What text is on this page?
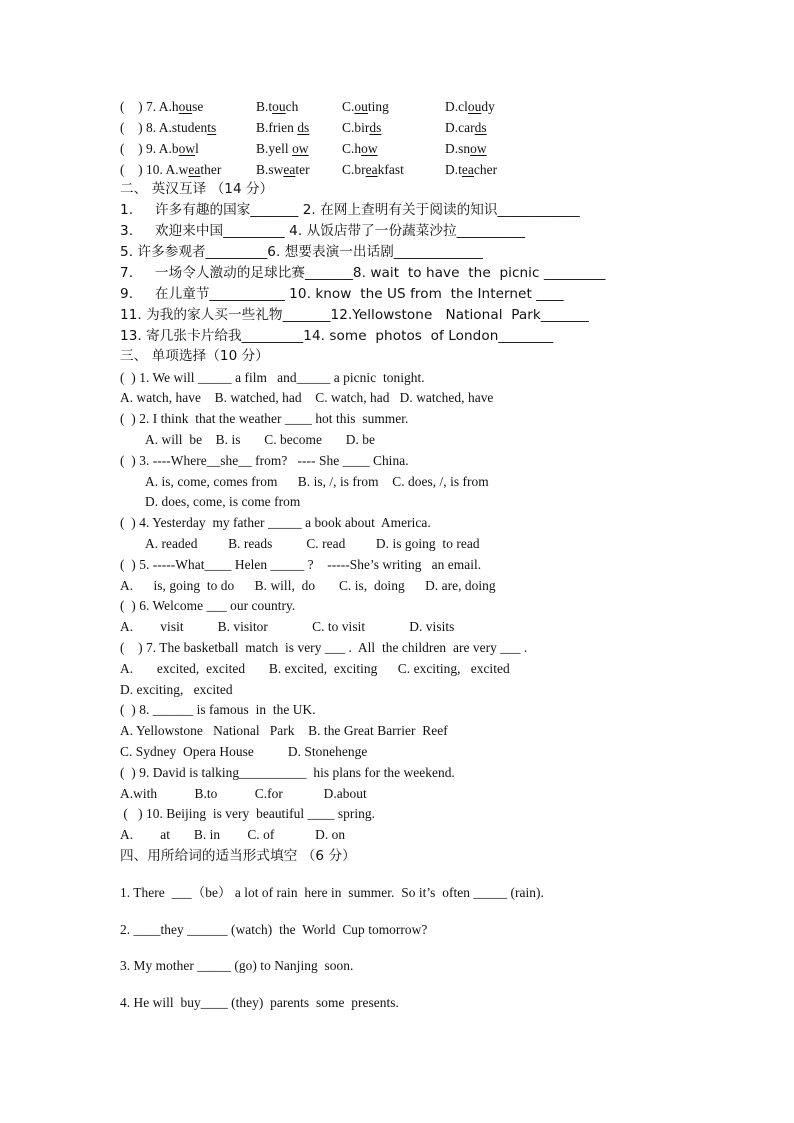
(    ) 7. A.house	B.touch	C.outing	D.cloudy
(    ) 8. A.students	B.frien ds C.birds	D.cards
(    ) 9. A.bowl	B.yell ow C.how	D.snow
(    ) 10. A.weather	B.sweater C.breakfast	D.teacher
二、 英汉互译 （14 分）
1.     许多有趣的国家_______ 2. 在网上查明有关于阅读的知识____________
3.     欢迎来中国_________ 4. 从饭店带了一份蔬菜沙拉__________
5. 许多参观者_________6. 想要表演一出话剧_____________
7.     一场令人激动的足球比赛_______8. wait  to have  the  picnic _________
9.     在儿童节___________ 10. know  the US from  the Internet ____
11. 为我的家人买一些礼物_______12.Yellowstone   National  Park_______
13. 寄几张卡片给我_________14. some  photos  of London________
三、 单项选择（10 分）
(  ) 1. We will _____ a film   and_____ a picnic  tonight.
A. watch, have    B. watched, had    C. watch, had   D. watched, have
(  ) 2. I think  that the weather ____ hot this  summer.
A. will  be    B. is       C. become       D. be
(  ) 3. ----Where__she__ from?   ---- She ____ China.
A. is, come, comes from      B. is, /, is from    C. does, /, is from
D. does, come, is come from
(  ) 4. Yesterday  my father _____ a book about  America.
A. readed         B. reads          C. read         D. is going  to read
(  ) 5. -----What____ Helen _____ ?    -----She’s writing   an email.
A.      is, going  to do      B. will,  do       C. is,  doing      D. are, doing
(  ) 6. Welcome ___ our country.
A.        visit          B. visitor             C. to visit             D. visits
(    ) 7. The basketball  match  is very ___ .  All  the children  are very ___ .
A.       excited,  excited       B. excited,  exciting      C. exciting,   excited
D. exciting,   excited
(  ) 8. ______ is famous  in  the UK.
A. Yellowstone   National   Park    B. the Great Barrier  Reef
C. Sydney  Opera House          D. Stonehenge
(  ) 9. David is talking__________  his plans for the weekend.
A.with           B.to           C.for            D.about
(   ) 10. Beijing  is very  beautiful ____ spring.
A.        at       B. in        C. of            D. on
四、用所给词的适当形式填空 （6 分）
1. There  ___（be） a lot of rain  here in  summer.  So it’s  often _____ (rain).
2. ____they ______ (watch)  the  World  Cup tomorrow?
3. My mother _____ (go) to Nanjing  soon.
4. He will  buy____ (they)  parents  some  presents.
